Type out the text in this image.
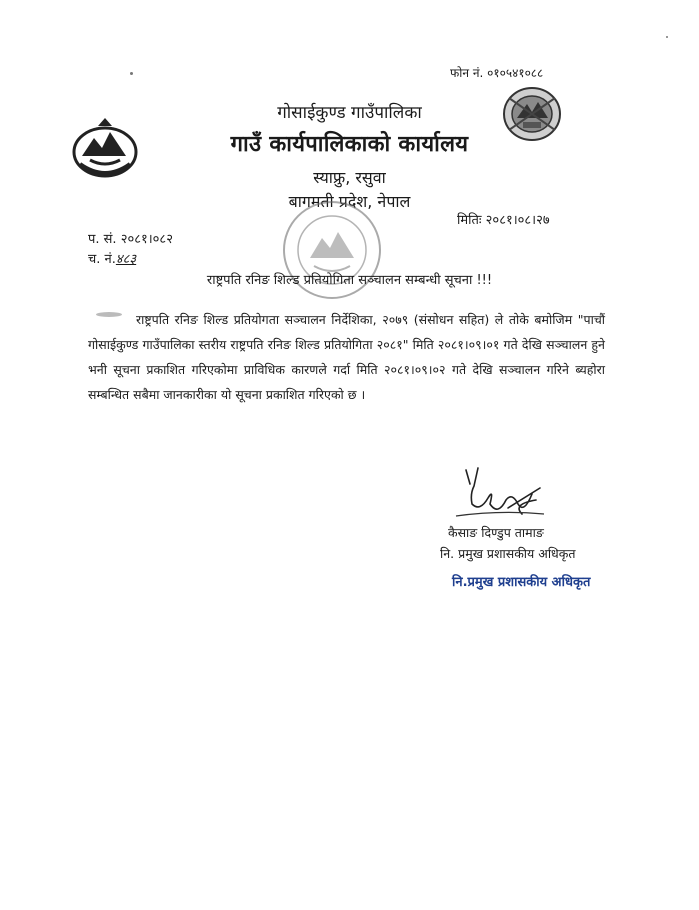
फोन नं. ०१०५४१०८८
गोसाईकुण्ड गाउँपालिका
गाउँ कार्यपालिकाको कार्यालय
स्याफ्रु, रसुवा
बागमती प्रदेश, नेपाल
मितिः २०८१।०८।२७
प. सं. २०८१।०८२
च. नं.४८३
राष्ट्रपति रनिङ शिल्ड प्रतियोगिता सञ्चालन सम्बन्धी सूचना !!!
राष्ट्रपति रनिङ शिल्ड प्रतियोगता सञ्चालन निर्देशिका, २०७९ (संसोधन सहित) ले तोके बमोजिम "पाचौं गोसाईकुण्ड गाउँपालिका स्तरीय राष्ट्रपति रनिङ शिल्ड प्रतियोगिता २०८१" मिति २०८१।०९।०१ गते देखि सञ्चालन हुने भनी सूचना प्रकाशित गरिएकोमा प्राविधिक कारणले गर्दा मिति २०८१।०९।०२ गते देखि सञ्चालन गरिने ब्यहोरा सम्बन्धित सबैमा जानकारीका यो सूचना प्रकाशित गरिएको छ ।
कैसाङ दिण्डुप तामाङ
नि. प्रमुख प्रशासकीय अधिकृत
नि.प्रमुख प्रशासकीय अधिकृत
